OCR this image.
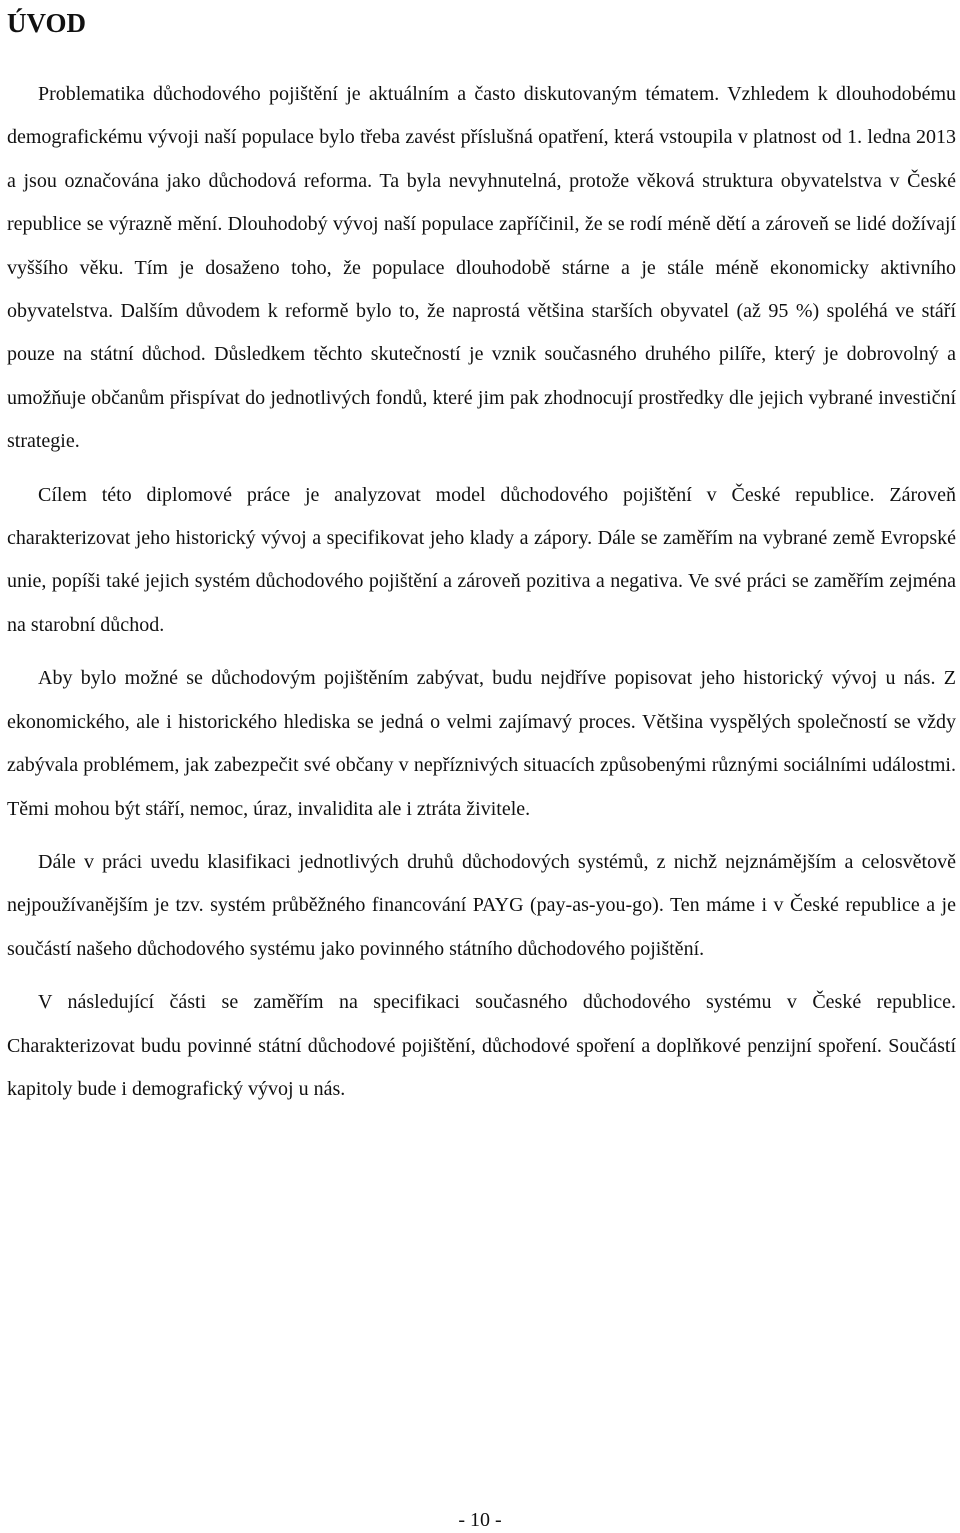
ÚVOD

Problematika důchodového pojištění je aktuálním a často diskutovaným tématem. Vzhledem k dlouhodobému demografickému vývoji naší populace bylo třeba zavést příslušná opatření, která vstoupila v platnost od 1. ledna 2013 a jsou označována jako důchodová reforma. Ta byla nevyhnutelná, protože věková struktura obyvatelstva v České republice se výrazně mění. Dlouhodobý vývoj naší populace zapříčinil, že se rodí méně dětí a zároveň se lidé dožívají vyššího věku. Tím je dosaženo toho, že populace dlouhodobě stárne a je stále méně ekonomicky aktivního obyvatelstva. Dalším důvodem k reformě bylo to, že naprostá většina starších obyvatel (až 95 %) spoléhá ve stáří pouze na státní důchod. Důsledkem těchto skutečností je vznik současného druhého pilíře, který je dobrovolný a umožňuje občanům přispívat do jednotlivých fondů, které jim pak zhodnocují prostředky dle jejich vybrané investiční strategie.

Cílem této diplomové práce je analyzovat model důchodového pojištění v České republice. Zároveň charakterizovat jeho historický vývoj a specifikovat jeho klady a zápory. Dále se zaměřím na vybrané země Evropské unie, popíši také jejich systém důchodového pojištění a zároveň pozitiva a negativa. Ve své práci se zaměřím zejména na starobní důchod.

Aby bylo možné se důchodovým pojištěním zabývat, budu nejdříve popisovat jeho historický vývoj u nás. Z ekonomického, ale i historického hlediska se jedná o velmi zajímavý proces. Většina vyspělých společností se vždy zabývala problémem, jak zabezpečit své občany v nepříznivých situacích způsobenými různými sociálními událostmi. Těmi mohou být stáří, nemoc, úraz, invalidita ale i ztráta živitele.

Dále v práci uvedu klasifikaci jednotlivých druhů důchodových systémů, z nichž nejznámějším a celosvětově nejpoužívanějším je tzv. systém průběžného financování PAYG (pay-as-you-go). Ten máme i v České republice a je součástí našeho důchodového systému jako povinného státního důchodového pojištění.

V následující části se zaměřím na specifikaci současného důchodového systému v České republice. Charakterizovat budu povinné státní důchodové pojištění, důchodové spoření a doplňkové penzijní spoření. Součástí kapitoly bude i demografický vývoj u nás.

- 10 -
